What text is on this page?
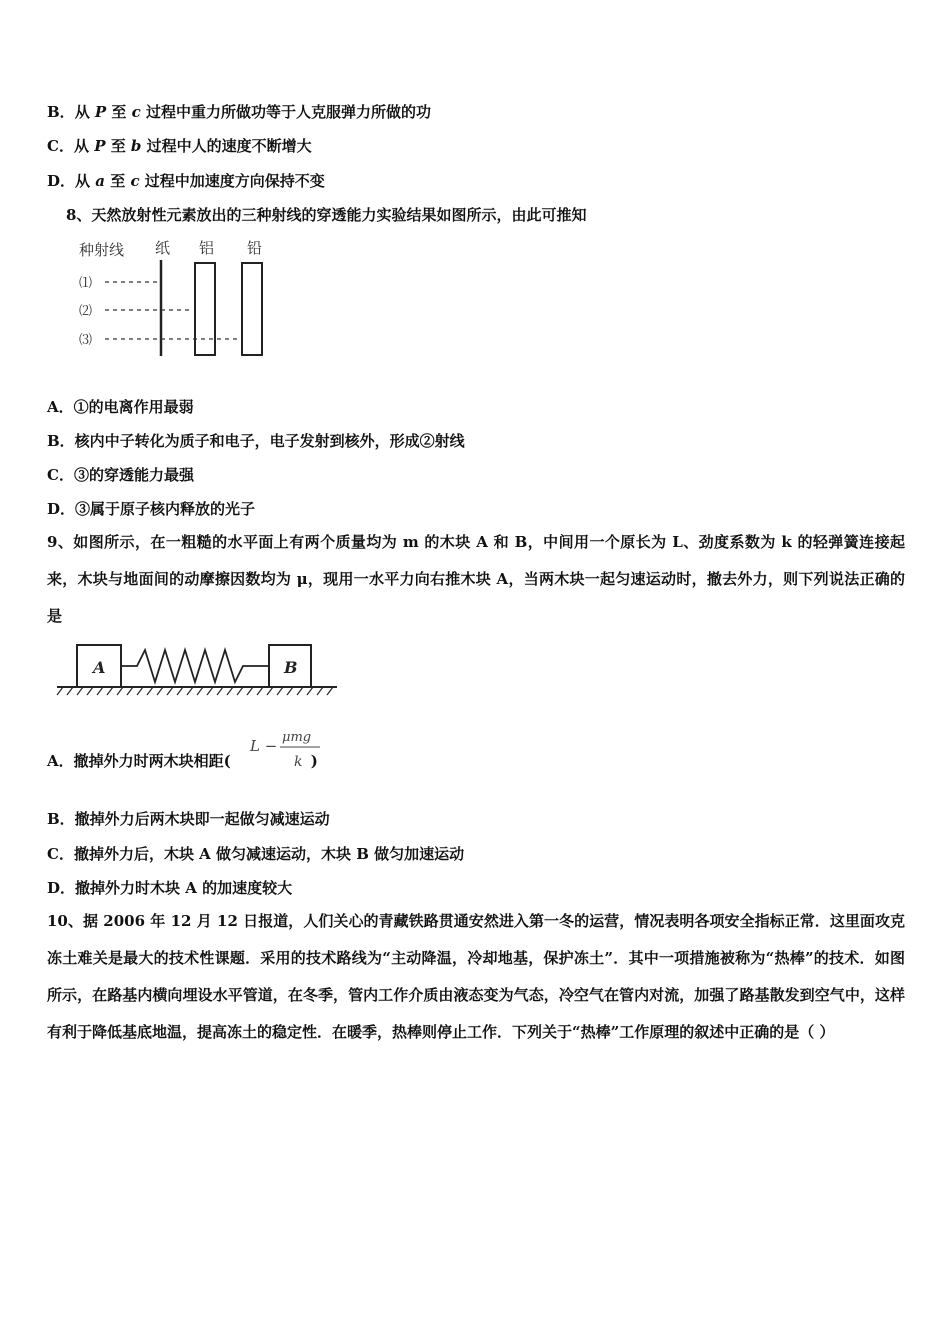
B．从 P 至 c 过程中重力所做功等于人克服弹力所做的功
C．从 P 至 b 过程中人的速度不断增大
D．从 a 至 c 过程中加速度方向保持不变
8、天然放射性元素放出的三种射线的穿透能力实验结果如图所示，由此可推知
种射线 纸 铝 铅
⑴
⑵
⑶
A．①的电离作用最弱
B．核内中子转化为质子和电子，电子发射到核外，形成②射线
C．③的穿透能力最强
D．③属于原子核内释放的光子
9、如图所示，在一粗糙的水平面上有两个质量均为 m 的木块 A 和 B，中间用一个原长为 L、劲度系数为 k 的轻弹簧连接起来，木块与地面间的动摩擦因数均为 μ，现用一水平力向右推木块 A，当两木块一起匀速运动时，撤去外力，则下列说法正确的是
A	B
A．撤掉外力时两木块相距(	)
L − μmg
k
B．撤掉外力后两木块即一起做匀减速运动
C．撤掉外力后，木块 A 做匀减速运动，木块 B 做匀加速运动
D．撤掉外力时木块 A 的加速度较大
10、据 2006 年 12 月 12 日报道，人们关心的青藏铁路贯通安然进入第一冬的运营，情况表明各项安全指标正常．这里面攻克冻土难关是最大的技术性课题．采用的技术路线为“主动降温，冷却地基，保护冻土”．其中一项措施被称为“热棒”的技术．如图所示，在路基内横向埋设水平管道，在冬季，管内工作介质由液态变为气态，冷空气在管内对流，加强了路基散发到空气中，这样有利于降低基底地温，提高冻土的稳定性．在暖季，热棒则停止工作．下列关于“热棒”工作原理的叙述中正确的是（ ）
